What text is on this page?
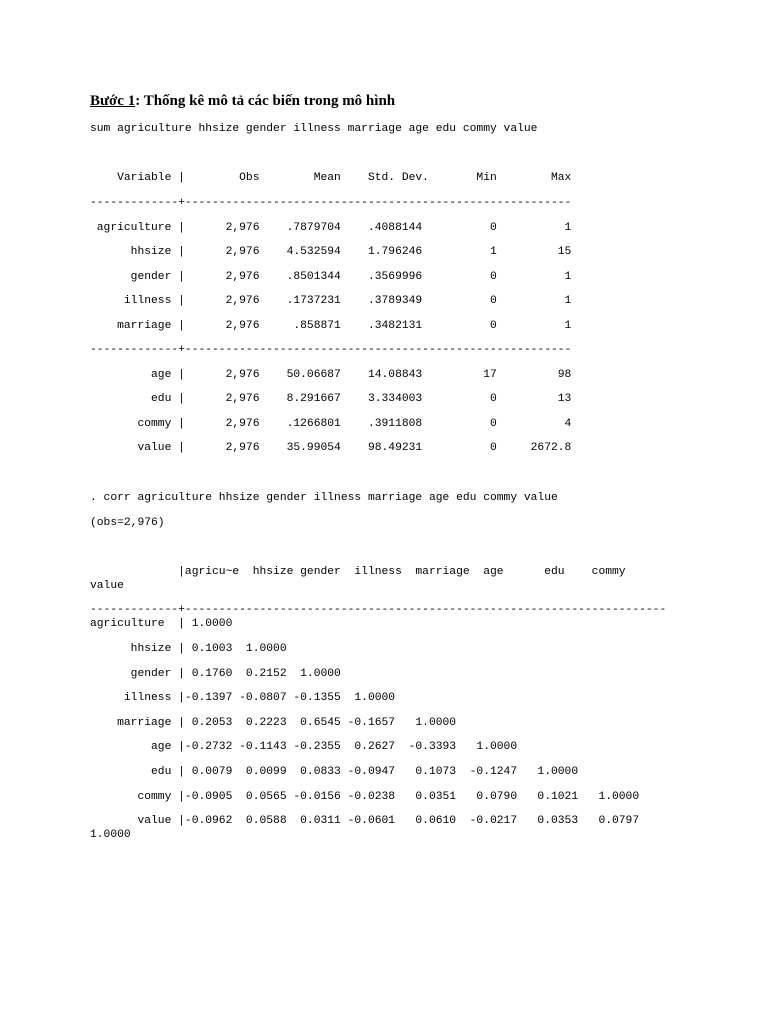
Bước 1: Thống kê mô tả các biến trong mô hình
sum agriculture hhsize gender illness marriage age edu commy value
Variable |        Obs        Mean    Std. Dev.       Min        Max
-------------+---------------------------------------------------------
agriculture |      2,976    .7879704    .4088144          0          1
hhsize |      2,976    4.532594    1.796246          1         15
gender |      2,976    .8501344    .3569996          0          1
illness |      2,976    .1737231    .3789349          0          1
marriage |      2,976     .858871    .3482131          0          1
-------------+---------------------------------------------------------
age |      2,976    50.06687    14.08843         17         98
edu |      2,976    8.291667    3.334003          0         13
commy |      2,976    .1266801    .3911808          0          4
value |      2,976    35.99054    98.49231          0     2672.8
. corr agriculture hhsize gender illness marriage age edu commy value
(obs=2,976)
|agricu~e  hhsize gender  illness  marriage  age      edu    commy
value
-------------+-----------------------------------------------------------------------
agriculture  | 1.0000
hhsize | 0.1003  1.0000
gender | 0.1760  0.2152  1.0000
illness |-0.1397 -0.0807 -0.1355  1.0000
marriage | 0.2053  0.2223  0.6545 -0.1657   1.0000
age |-0.2732 -0.1143 -0.2355  0.2627  -0.3393   1.0000
edu | 0.0079  0.0099  0.0833 -0.0947   0.1073  -0.1247   1.0000
commy |-0.0905  0.0565 -0.0156 -0.0238   0.0351   0.0790   0.1021   1.0000
value |-0.0962  0.0588  0.0311 -0.0601   0.0610  -0.0217   0.0353   0.0797
1.0000
